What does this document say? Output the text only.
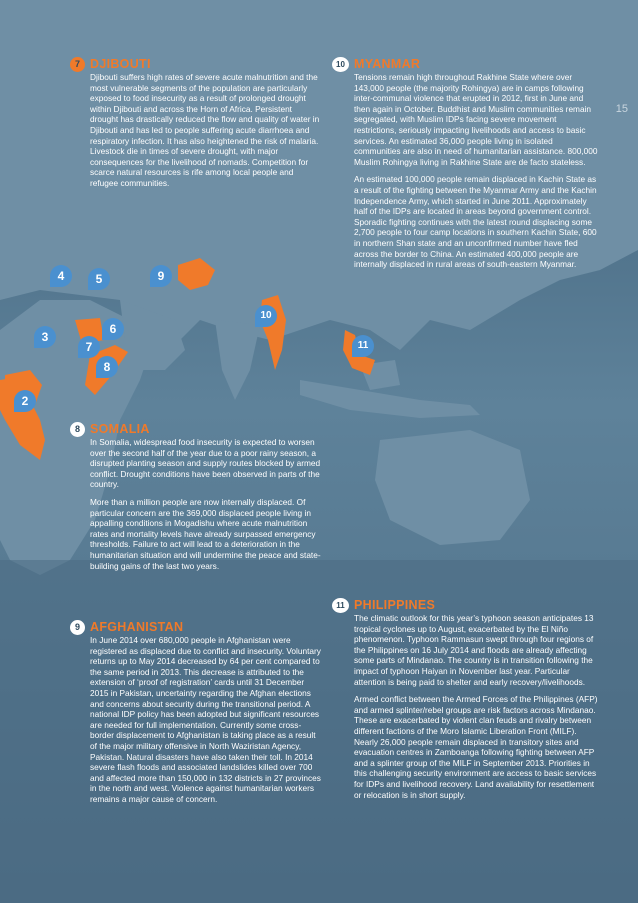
15
4	5	9
3
6
7
8
10
11
2
7 DJIBOUTI

Djibouti suffers high rates of severe acute malnutrition and the most vulnerable segments of the population are particularly exposed to food insecurity as a result of prolonged drought within Djibouti and across the Horn of Africa. Persistent drought has drastically reduced the flow and quality of water in Djibouti and has led to people suffering acute diarrhoea and respiratory infection. It has also heightened the risk of malaria. Livestock die in times of severe drought, with major consequences for the livelihood of nomads. Competition for scarce natural resources is rife among local people and refugee communities.

10 MYANMAR

Tensions remain high throughout Rakhine State where over 143,000 people (the majority Rohingya) are in camps following inter-communal violence that erupted in 2012, first in June and then again in October. Buddhist and Muslim communities remain segregated, with Muslim IDPs facing severe movement restrictions, seriously impacting livelihoods and access to basic services. An estimated 36,000 people living in isolated communities are also in need of humanitarian assistance. 800,000 Muslim Rohingya living in Rakhine State are de facto stateless.

An estimated 100,000 people remain displaced in Kachin State as a result of the fighting between the Myanmar Army and the Kachin Independence Army, which started in June 2011. Approximately half of the IDPs are located in areas beyond government control. Sporadic fighting continues with the latest round displacing some 2,700 people to four camp locations in southern Kachin State, 600 in northern Shan state and an unconfirmed number have fled across the border to China. An estimated 400,000 people are internally displaced in rural areas of south-eastern Myanmar.

8 SOMALIA

In Somalia, widespread food insecurity is expected to worsen over the second half of the year due to a poor rainy season, a disrupted planting season and supply routes blocked by armed conflict. Drought conditions have been observed in parts of the country.

More than a million people are now internally displaced. Of particular concern are the 369,000 displaced people living in appalling conditions in Mogadishu where acute malnutrition rates and mortality levels have already surpassed emergency thresholds. Failure to act will lead to a deterioration in the humanitarian situation and will undermine the peace and state-building gains of the last two years.

9 AFGHANISTAN

In June 2014 over 680,000 people in Afghanistan were registered as displaced due to conflict and insecurity. Voluntary returns up to May 2014 decreased by 64 per cent compared to the same period in 2013. This decrease is attributed to the extension of ‘proof of registration’ cards until 31 December 2015 in Pakistan, uncertainty regarding the Afghan elections and concerns about security during the transitional period. A national IDP policy has been adopted but significant resources are needed for full implementation. Currently some cross-border displacement to Afghanistan is taking place as a result of the major military offensive in North Waziristan Agency, Pakistan. Natural disasters have also taken their toll. In 2014 severe flash floods and associated landslides killed over 700 and affected more than 150,000 in 132 districts in 27 provinces in the north and west. Violence against humanitarian workers remains a major cause of concern.

11 PHILIPPINES

The climatic outlook for this year’s typhoon season anticipates 13 tropical cyclones up to August, exacerbated by the El Niño phenomenon. Typhoon Rammasun swept through four regions of the Philippines on 16 July 2014 and floods are already affecting some parts of Mindanao. The country is in transition following the impact of typhoon Haiyan in November last year. Particular attention is being paid to shelter and early recovery/livelihoods.

Armed conflict between the Armed Forces of the Philippines (AFP) and armed splinter/rebel groups are risk factors across Mindanao. These are exacerbated by violent clan feuds and rivalry between different factions of the Moro Islamic Liberation Front (MILF). Nearly 26,000 people remain displaced in transitory sites and evacuation centres in Zamboanga following fighting between AFP and a splinter group of the MILF in September 2013. Priorities in this challenging security environment are access to basic services for IDPs and livelihood recovery. Land availability for resettlement or relocation is in short supply.
